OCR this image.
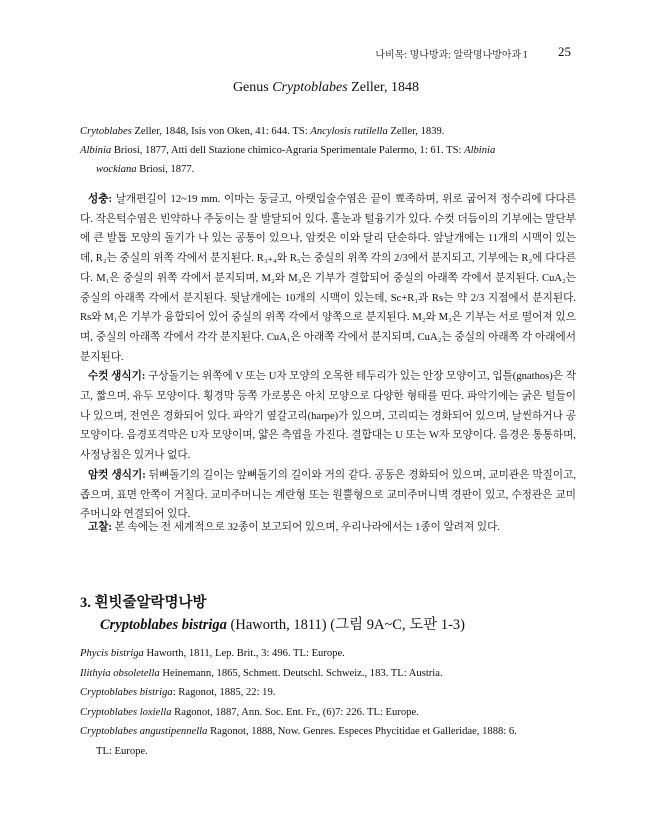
나비목: 명나방과: 알락명나방아과 I 25
Genus Cryptoblabes Zeller, 1848

Crytoblabes Zeller, 1848, Isis von Oken, 41: 644. TS: Ancylosis rutilella Zeller, 1839.

Albinia Briosi, 1877, Atti dell Stazione chimico-Agraria Sperimentale Palermo, 1: 61. TS: Albinia

wockiana Briosi, 1877.

성충: 날개편길이 12~19 mm. 이마는 둥글고, 아랫입술수염은 끝이 뾰족하며, 위로 굽어져 정수리에 다다른다. 작은턱수염은 빈약하나 주둥이는 잘 발달되어 있다. 홑눈과 털융기가 있다. 수컷 더듬이의 기부에는 말단부에 큰 발톱 모양의 돌기가 나 있는 공통이 있으나, 암컷은 이와 달리 단순하다. 앞날개에는 11개의 시맥이 있는데, R₂는 중실의 위쪽 각에서 분지된다. R₃₊₄와 R₅는 중실의 위쪽 각의 2/3에서 분지되고, 기부에는 R₂에 다다른다. M₁은 중실의 위쪽 각에서 분지되며, M₂와 M₃은 기부가 결합되어 중실의 아래쪽 각에서 분지된다. CuA₂는 중실의 아래쪽 각에서 분지된다. 뒷날개에는 10개의 시맥이 있는데, Sc+R₁과 Rs는 약 2/3 지점에서 분지된다. Rs와 M₁은 기부가 융합되어 있어 중실의 위쪽 각에서 양쪽으로 분지된다. M₂와 M₃은 기부는 서로 떨어져 있으며, 중실의 아래쪽 각에서 각각 분지된다. CuA₁은 아래쪽 각에서 분지되며, CuA₂는 중실의 아래쪽 각 아래에서 분지된다.

수컷 생식기: 구상돌기는 위쪽에 V 또는 U자 모양의 오목한 테두리가 있는 안장 모양이고, 입틀(gnathos)은 작고, 짧으며, 유두 모양이다. 횡경막 등쪽 가로봉은 아치 모양으로 다양한 형태를 띤다. 파악기에는 굵은 털들이 나 있으며, 전연은 경화되어 있다. 파악기 옆갈고리(harpe)가 있으며, 고리띠는 경화되어 있으며, 날씬하거나 공 모양이다. 음경포격막은 U자 모양이며, 얇은 측엽을 가진다. 결합대는 U 또는 W자 모양이다. 음경은 통통하며, 사정낭침은 있거나 없다.

암컷 생식기: 뒤뼈돌기의 길이는 앞뼈돌기의 길이와 거의 같다. 공동은 경화되어 있으며, 교미관은 막질이고, 좁으며, 표면 안쪽이 거칠다. 교미주머니는 계란형 또는 원뿔형으로 교미주머니벽 경판이 있고, 수정관은 교미주머니와 연결되어 있다.

고찰: 본 속에는 전 세계적으로 32종이 보고되어 있으며, 우리나라에서는 1종이 알려져 있다.

3. 흰빗줄알락명나방
Cryptoblabes bistriga (Haworth, 1811) (그림 9A~C, 도판 1-3)

Phycis bistriga Haworth, 1811, Lep. Brit., 3: 496. TL: Europe.

Ilithyia obsoletella Heinemann, 1865, Schmett. Deutschl. Schweiz., 183. TL: Austria.

Cryptoblabes bistriga: Ragonot, 1885, 22: 19.

Cryptoblabes loxiella Ragonot, 1887, Ann. Soc. Ent. Fr., (6)7: 226. TL: Europe.

Cryptoblabes angustipennella Ragonot, 1888, Now. Genres. Especes Phycitidae et Galleridae, 1888: 6.

TL: Europe.
